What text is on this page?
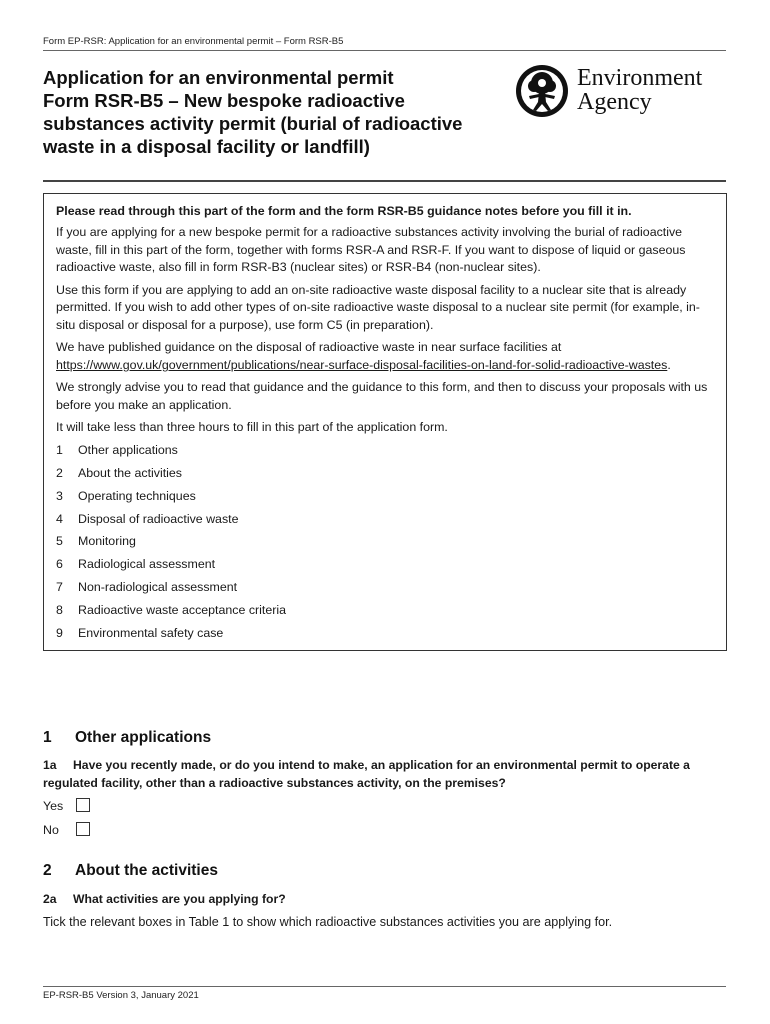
Form EP-RSR: Application for an environmental permit – Form RSR-B5
Application for an environmental permit
Form RSR-B5 – New bespoke radioactive
substances activity permit (burial of radioactive
waste in a disposal facility or landfill)
Environment
Agency

Please read through this part of the form and the form RSR-B5 guidance notes before you fill it in.

If you are applying for a new bespoke permit for a radioactive substances activity involving the burial of radioactive waste, fill in this part of the form, together with forms RSR-A and RSR-F. If you want to dispose of liquid or gaseous radioactive waste, also fill in form RSR-B3 (nuclear sites) or RSR-B4 (non-nuclear sites).

Use this form if you are applying to add an on-site radioactive waste disposal facility to a nuclear site that is already permitted. If you wish to add other types of on-site radioactive waste disposal to a nuclear site permit (for example, in-situ disposal or disposal for a purpose), use form C5 (in preparation).

We have published guidance on the disposal of radioactive waste in near surface facilities at https://www.gov.uk/government/publications/near-surface-disposal-facilities-on-land-for-solid-radioactive-wastes.

We strongly advise you to read that guidance and the guidance to this form, and then to discuss your proposals with us before you make an application.

It will take less than three hours to fill in this part of the application form.

1 Other applications
2 About the activities
3 Operating techniques
4 Disposal of radioactive waste
5 Monitoring
6 Radiological assessment
7 Non-radiological assessment
8 Radioactive waste acceptance criteria
9 Environmental safety case
1 Other applications
1a Have you recently made, or do you intend to make, an application for an environmental permit to operate a regulated facility, other than a radioactive substances activity, on the premises?
Yes
No
2 About the activities
2a What activities are you applying for?
Tick the relevant boxes in Table 1 to show which radioactive substances activities you are applying for.
EP-RSR-B5 Version 3, January 2021
